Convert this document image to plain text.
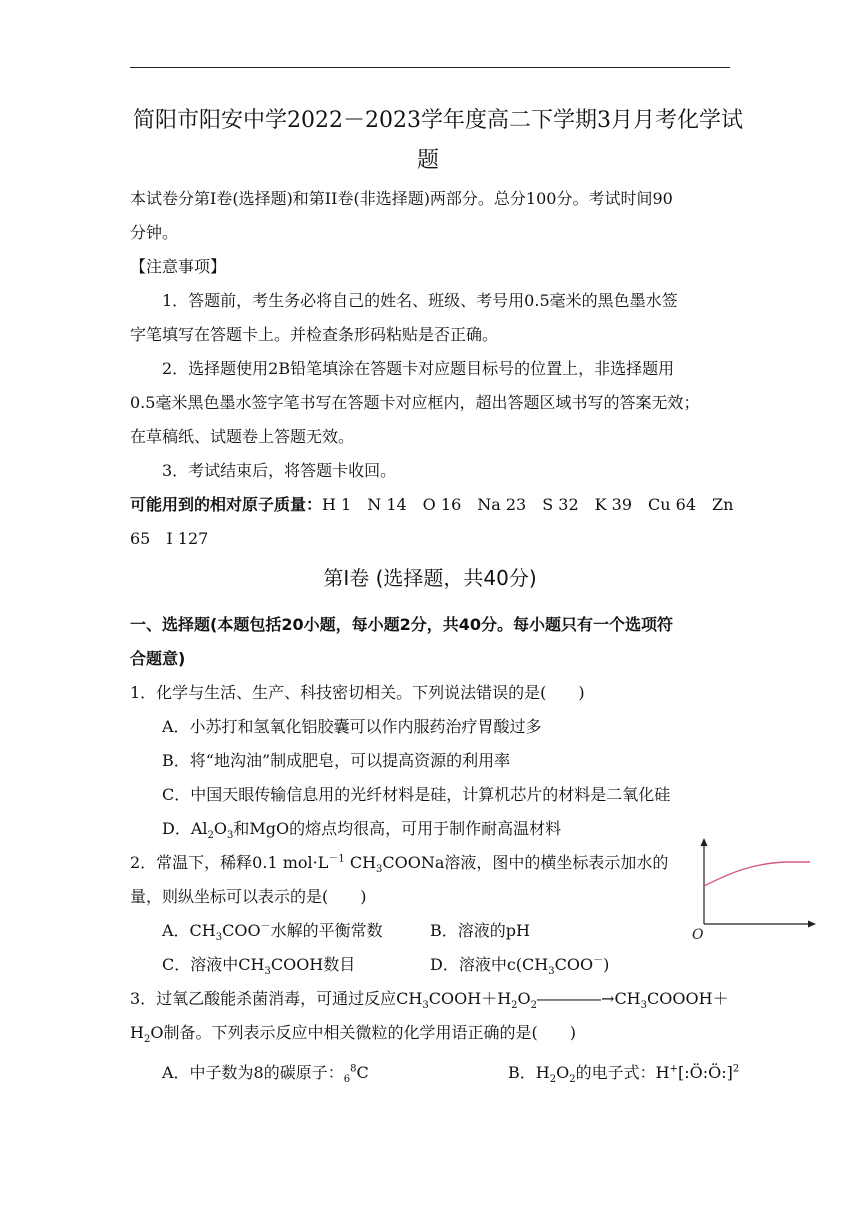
简阳市阳安中学2022－2023学年度高二下学期3月月考化学试
题
本试卷分第I卷(选择题)和第II卷(非选择题)两部分。总分100分。考试时间90
分钟。
【注意事项】
1．答题前，考生务必将自己的姓名、班级、考号用0.5毫米的黑色墨水签
字笔填写在答题卡上。并检查条形码粘贴是否正确。
2．选择题使用2B铅笔填涂在答题卡对应题目标号的位置上，非选择题用
0.5毫米黑色墨水签字笔书写在答题卡对应框内，超出答题区域书写的答案无效；
在草稿纸、试题卷上答题无效。
3．考试结束后，将答题卡收回。
可能用到的相对原子质量：H 1　N 14　O 16　Na 23　S 32　K 39　Cu 64　Zn
65　I 127
第Ⅰ卷 (选择题，共40分)
一、选择题(本题包括20小题，每小题2分，共40分。每小题只有一个选项符
合题意)
1．化学与生活、生产、科技密切相关。下列说法错误的是(　　)
A．小苏打和氢氧化铝胶囊可以作内服药治疗胃酸过多
B．将“地沟油”制成肥皂，可以提高资源的利用率
C．中国天眼传输信息用的光纤材料是硅，计算机芯片的材料是二氧化硅
D．$Al_2O_3$和MgO的熔点均很高，可用于制作耐高温材料
2．常温下，稀释0.1 $mol\cdot L^{-1}$ $CH_3COONa$溶液，图中的横坐标表示加水的
量，则纵坐标可以表示的是(　　)
A．$CH_3COO^-$水解的平衡常数	B．溶液的pH
C．溶液中$CH_3COOH$数目	D．溶液中$c(CH_3COO^-)$
O
3．过氧乙酸能杀菌消毒，可通过反应$CH_3COOH+H_2O_2――――\to CH_3COOOH+$
$H_2O$制备。下列表示反应中相关微粒的化学用语正确的是(　　)
A．中子数为8的碳原子：$_6^8$C	B．$H_2O_2$的电子式：H+[:Ö:Ö:]$^2$
